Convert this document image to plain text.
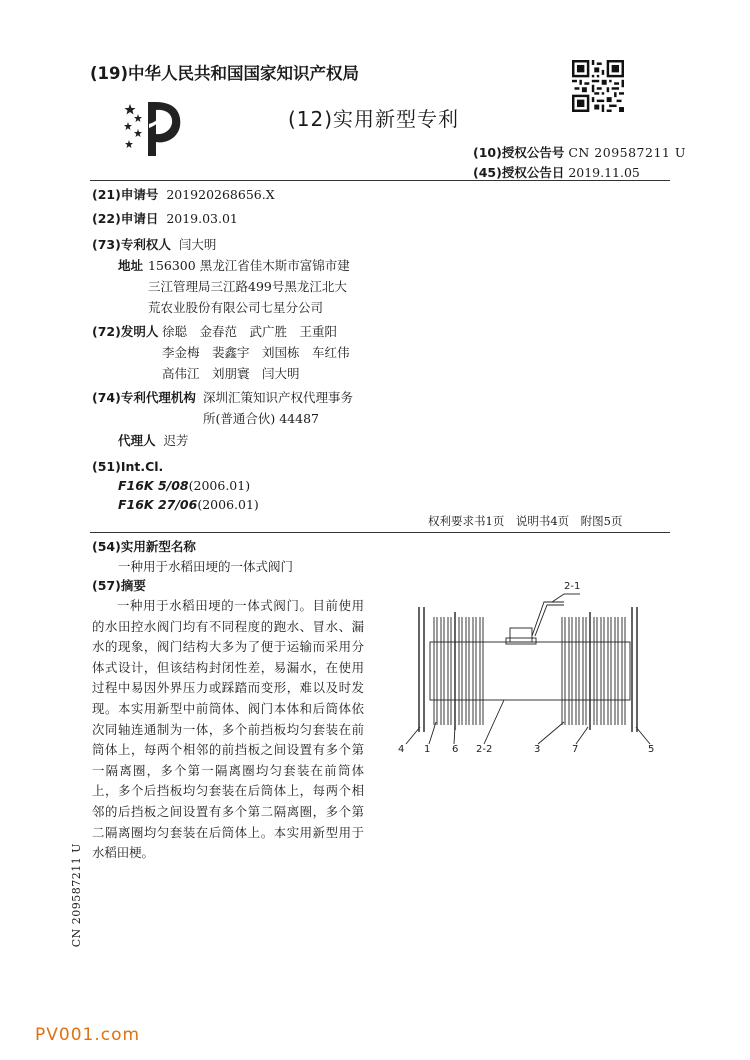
(19)中华人民共和国国家知识产权局
(12)实用新型专利
(10)授权公告号 CN 209587211 U
(45)授权公告日 2019.11.05
(21)申请号 201920268656.X
(22)申请日 2019.03.01
(73)专利权人 闫大明
地址 156300 黑龙江省佳木斯市富锦市建
三江管理局三江路499号黑龙江北大
荒农业股份有限公司七星分公司
(72)发明人 徐聪　金春范　武广胜　王重阳
李金梅　裴鑫宇　刘国栋　车红伟
高伟江　刘朋寰　闫大明
(74)专利代理机构 深圳汇策知识产权代理事务
所(普通合伙) 44487
代理人 迟芳
(51)Int.Cl.
F16K 5/08(2006.01)
F16K 27/06(2006.01)
权利要求书1页　说明书4页　附图5页
(54)实用新型名称
一种用于水稻田埂的一体式阀门
(57)摘要

一种用于水稻田埂的一体式阀门。目前使用的水田控水阀门均有不同程度的跑水、冒水、漏水的现象，阀门结构大多为了便于运输而采用分体式设计，但该结构封闭性差，易漏水，在使用过程中易因外界压力或踩踏而变形，难以及时发现。本实用新型中前筒体、阀门本体和后筒体依次同轴连通制为一体，多个前挡板均匀套装在前筒体上，每两个相邻的前挡板之间设置有多个第一隔离圈，多个第一隔离圈均匀套装在前筒体上，多个后挡板均匀套装在后筒体上，每两个相邻的后挡板之间设置有多个第二隔离圈，多个第二隔离圈均匀套装在后筒体上。本实用新型用于水稻田梗。

2-1
4 1 6 2-2	3	7	5
CN 209587211 U
PV001.com
